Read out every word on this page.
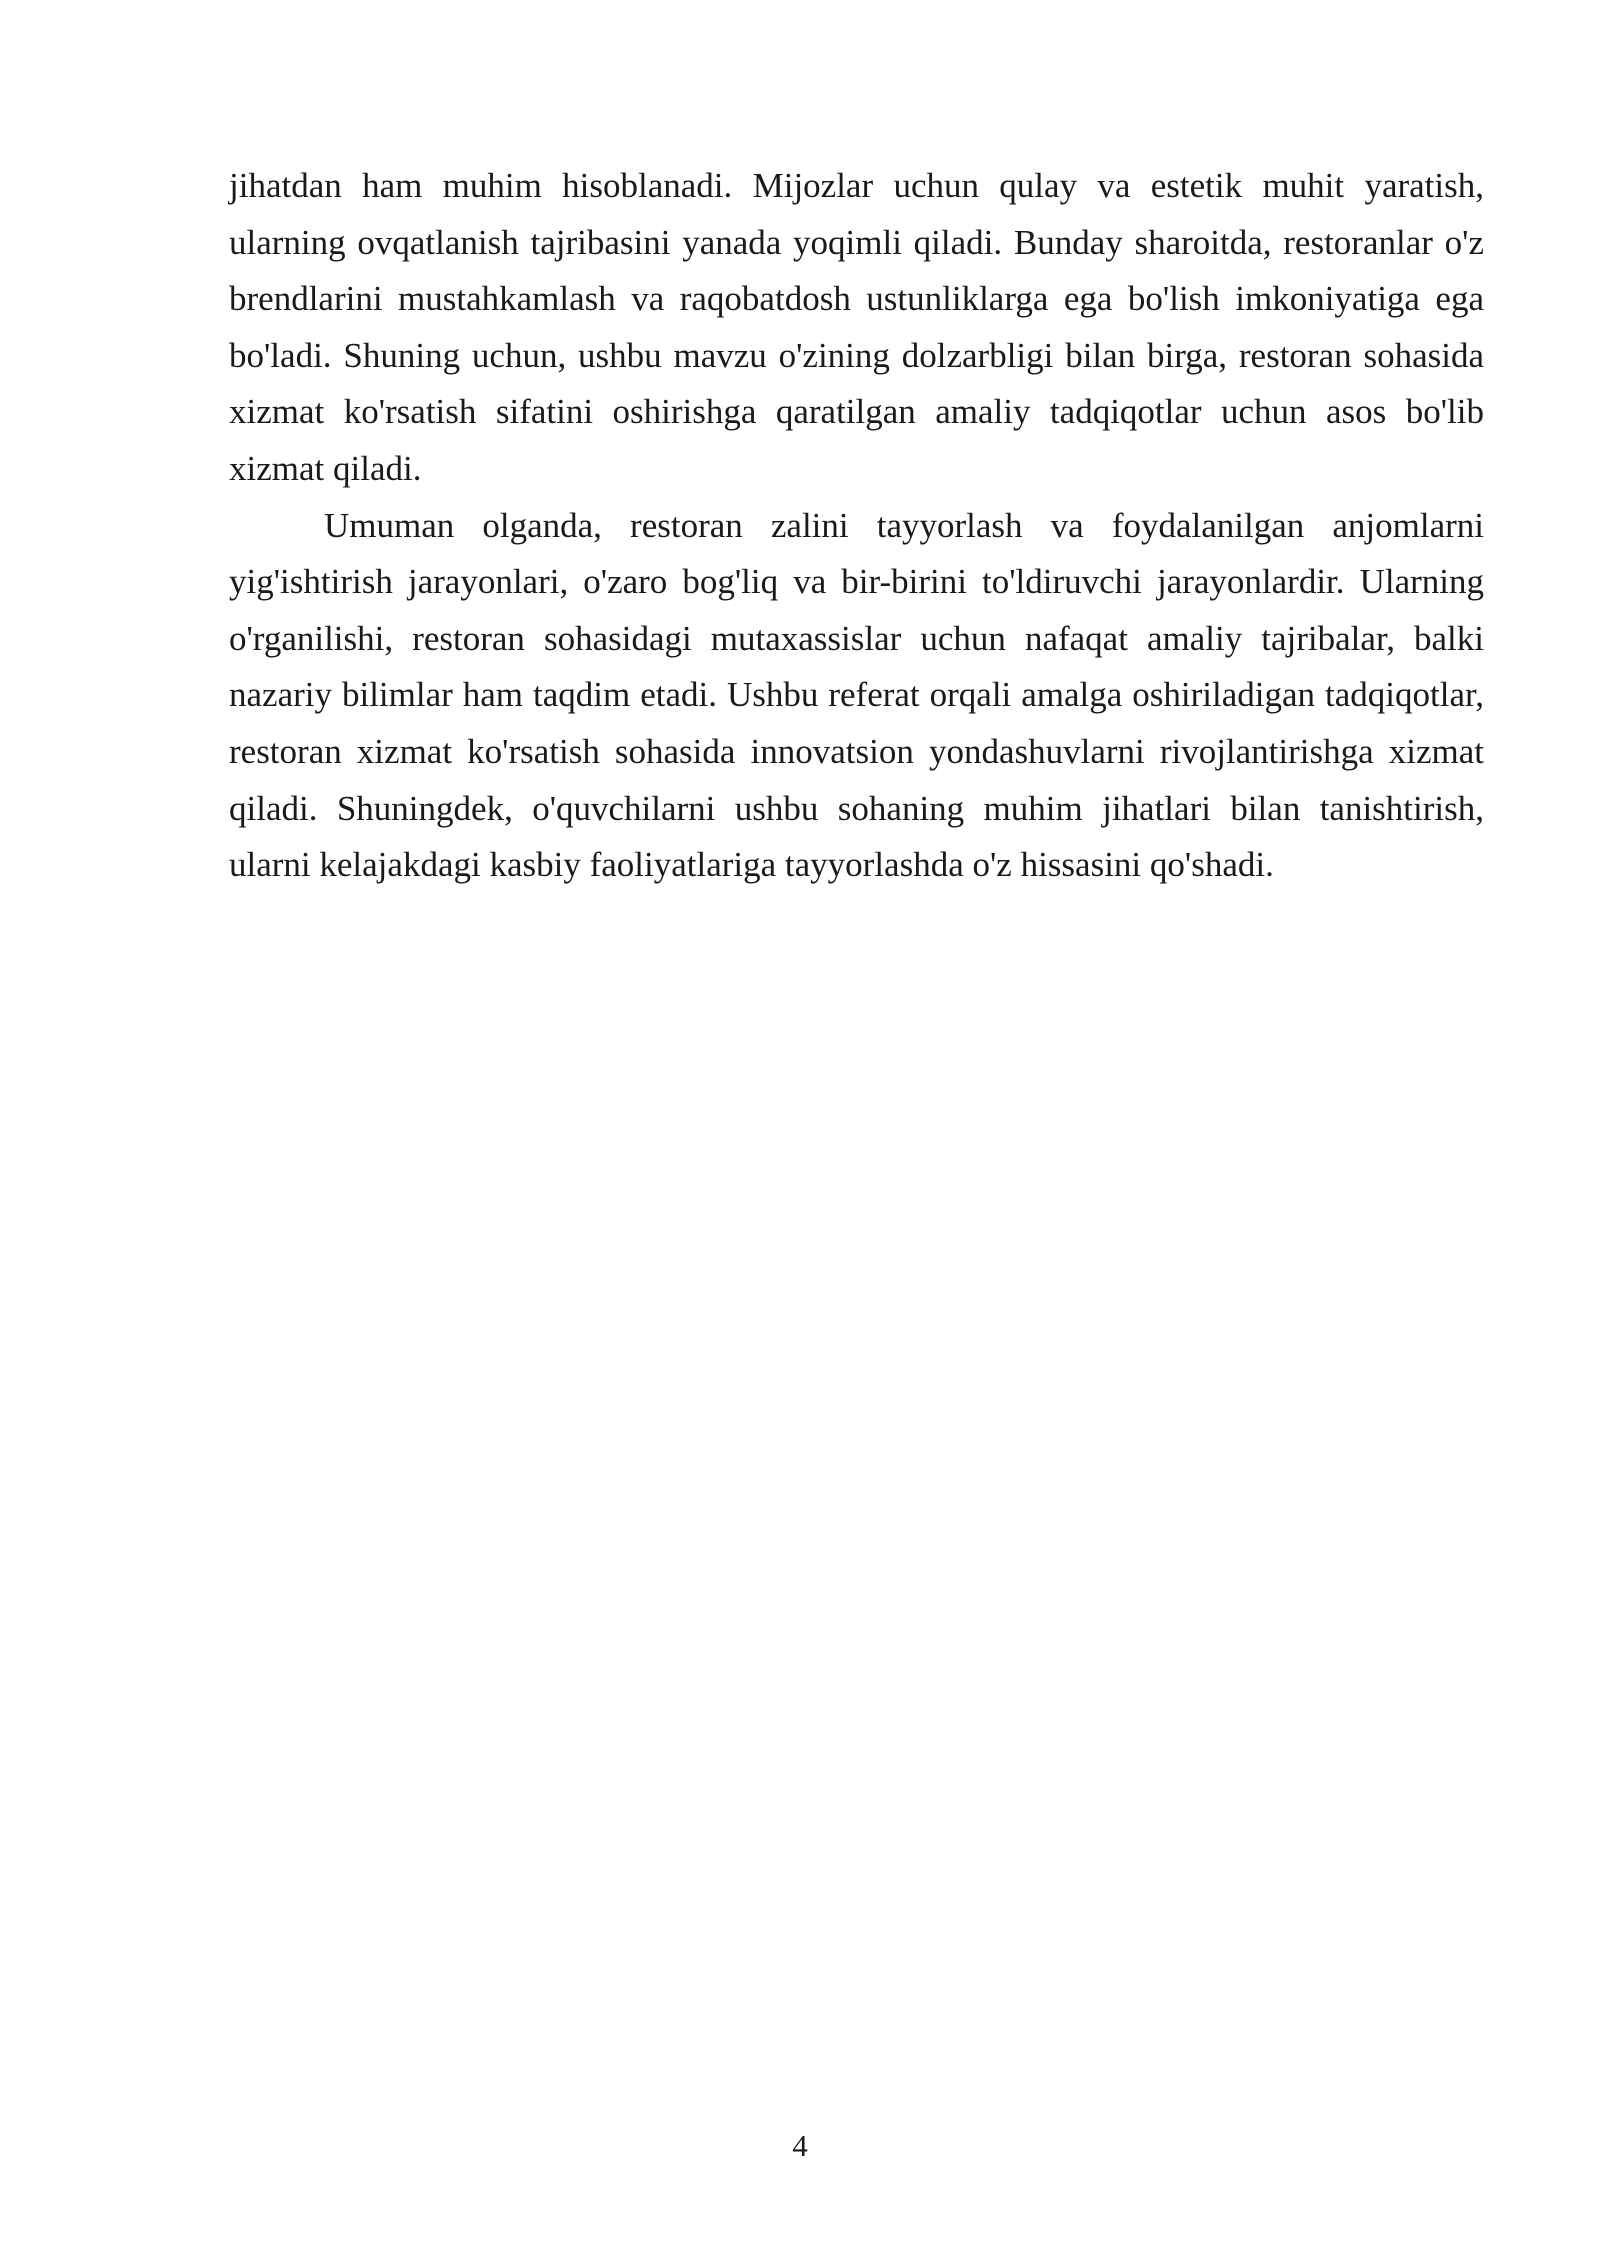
jihatdan ham muhim hisoblanadi. Mijozlar uchun qulay va estetik muhit yaratish, ularning ovqatlanish tajribasini yanada yoqimli qiladi. Bunday sharoitda, restoranlar o'z brendlarini mustahkamlash va raqobatdosh ustunliklarga ega bo'lish imkoniyatiga ega bo'ladi. Shuning uchun, ushbu mavzu o'zining dolzarbligi bilan birga, restoran sohasida xizmat ko'rsatish sifatini oshirishga qaratilgan amaliy tadqiqotlar uchun asos bo'lib xizmat qiladi.

Umuman olganda, restoran zalini tayyorlash va foydalanilgan anjomlarni yig'ishtirish jarayonlari, o'zaro bog'liq va bir-birini to'ldiruvchi jarayonlardir. Ularning o'rganilishi, restoran sohasidagi mutaxassislar uchun nafaqat amaliy tajribalar, balki nazariy bilimlar ham taqdim etadi. Ushbu referat orqali amalga oshiriladigan tadqiqotlar, restoran xizmat ko'rsatish sohasida innovatsion yondashuvlarni rivojlantirishga xizmat qiladi. Shuningdek, o'quvchilarni ushbu sohaning muhim jihatlari bilan tanishtirish, ularni kelajakdagi kasbiy faoliyatlariga tayyorlashda o'z hissasini qo'shadi.

4
